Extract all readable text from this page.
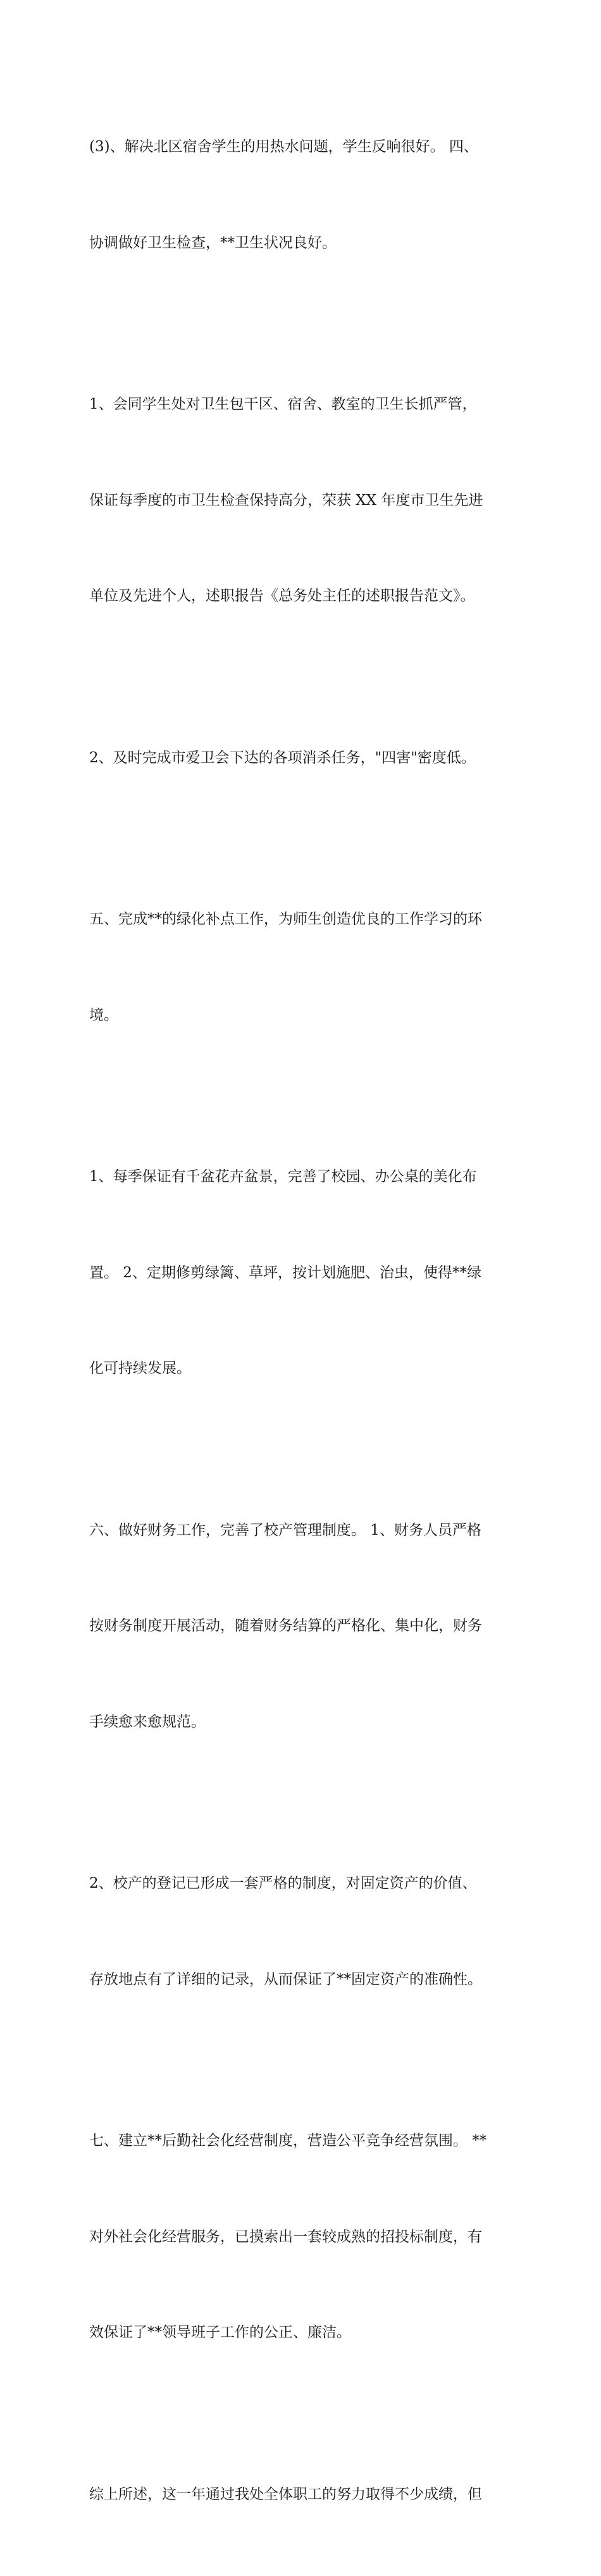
(3)、解决北区宿舍学生的用热水问题，学生反响很好。 四、

协调做好卫生检查，**卫生状况良好。

1、会同学生处对卫生包干区、宿舍、教室的卫生长抓严管，

保证每季度的市卫生检查保持高分，荣获 XX 年度市卫生先进

单位及先进个人，述职报告《总务处主任的述职报告范文》。

2、及时完成市爱卫会下达的各项消杀任务，"四害"密度低。

五、完成**的绿化补点工作，为师生创造优良的工作学习的环

境。

1、每季保证有千盆花卉盆景，完善了校园、办公桌的美化布

置。 2、定期修剪绿篱、草坪，按计划施肥、治虫，使得**绿

化可持续发展。

六、做好财务工作，完善了校产管理制度。 1、财务人员严格

按财务制度开展活动，随着财务结算的严格化、集中化，财务

手续愈来愈规范。

2、校产的登记已形成一套严格的制度，对固定资产的价值、

存放地点有了详细的记录，从而保证了**固定资产的准确性。

七、建立**后勤社会化经营制度，营造公平竞争经营氛围。 **

对外社会化经营服务，已摸索出一套较成熟的招投标制度，有

效保证了**领导班子工作的公正、廉洁。

综上所述，这一年通过我处全体职工的努力取得不少成绩，但
